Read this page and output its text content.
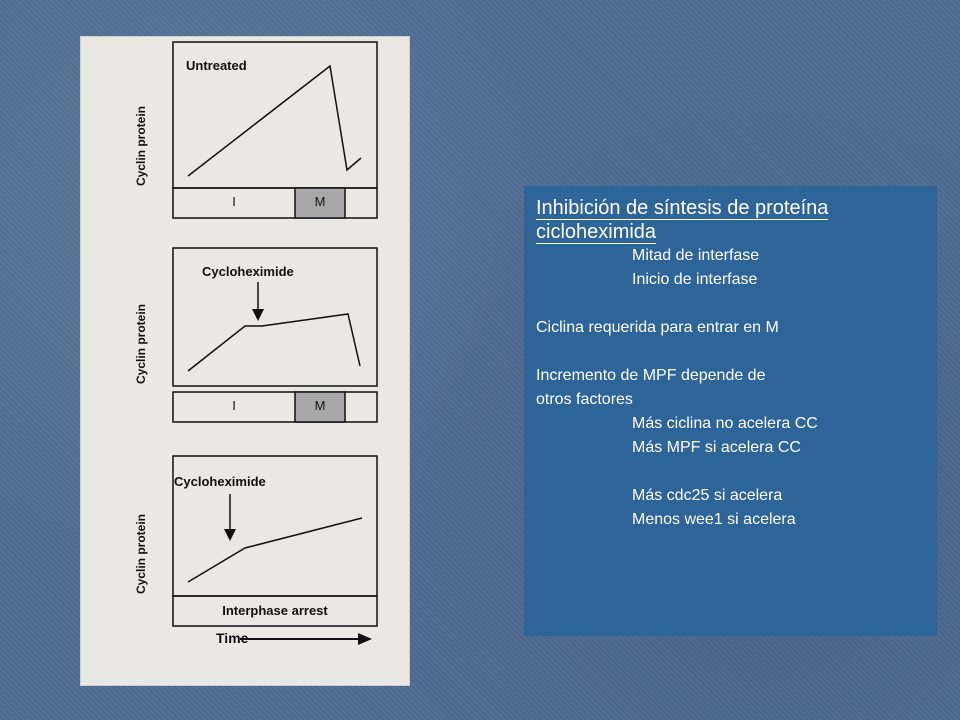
Untreated
Cyclin protein
I	M
Cycloheximide
Cyclin protein
I	M
Cycloheximide
Cyclin protein
Interphase arrest
Time
Inhibición de síntesis de proteína
cicloheximida
Mitad de interfase
Inicio de interfase
Ciclina requerida para entrar en M
Incremento de MPF depende de
otros factores
Más ciclina no acelera CC
Más MPF si acelera CC
Más cdc25 si acelera
Menos wee1 si acelera
